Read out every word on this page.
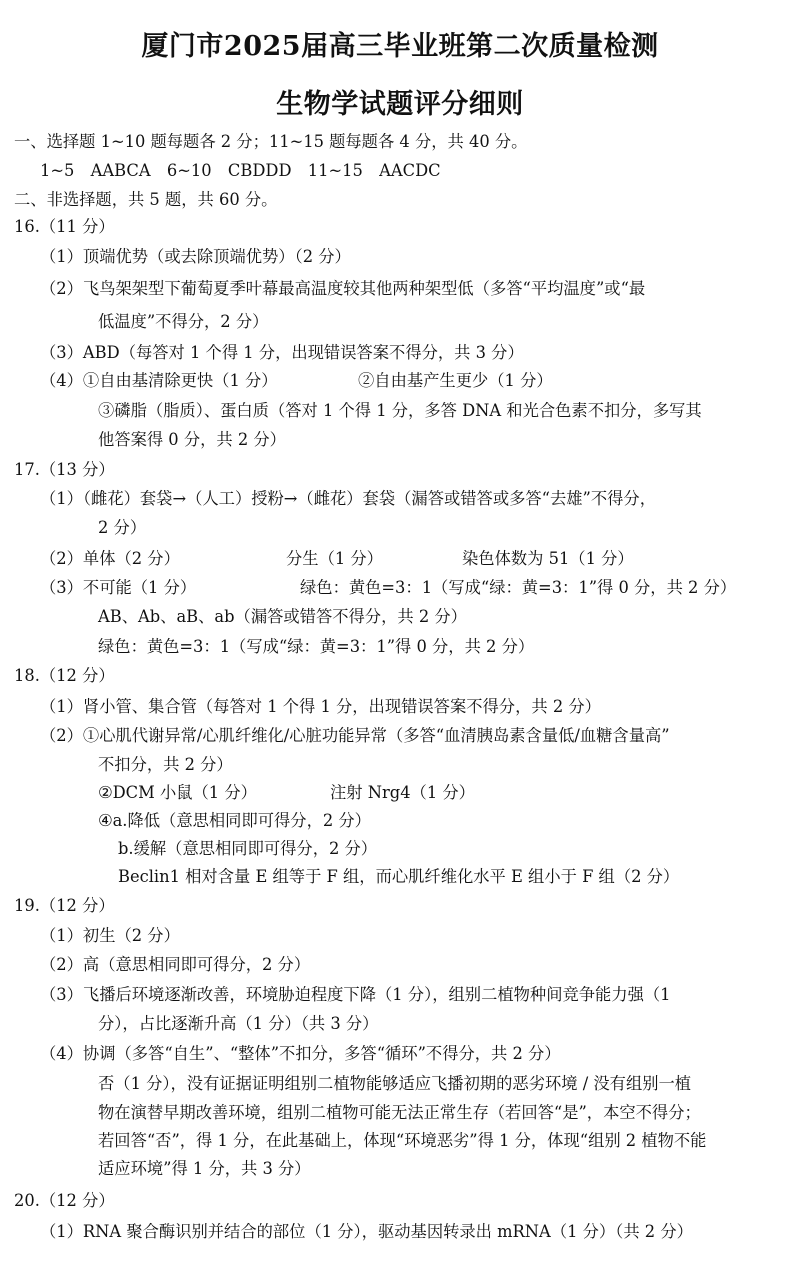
厦门市2025届高三毕业班第二次质量检测
生物学试题评分细则
一、选择题 1~10 题每题各 2 分；11~15 题每题各 4 分，共 40 分。
1~5　AABCA　6~10　CBDDD　11~15　AACDC
二、非选择题，共 5 题，共 60 分。
16.（11 分）
（1）顶端优势（或去除顶端优势）（2 分）
（2）飞鸟架架型下葡萄夏季叶幕最高温度较其他两种架型低（多答“平均温度”或“最
低温度”不得分，2 分）
（3）ABD（每答对 1 个得 1 分，出现错误答案不得分，共 3 分）
（4）①自由基清除更快（1 分）	②自由基产生更少（1 分）
③磷脂（脂质）、蛋白质（答对 1 个得 1 分，多答 DNA 和光合色素不扣分，多写其
他答案得 0 分，共 2 分）
17.（13 分）
（1）（雌花）套袋→（人工）授粉→（雌花）套袋（漏答或错答或多答“去雄”不得分，
2 分）
（2）单体（2 分）	分生（1 分）	染色体数为 51（1 分）
（3）不可能（1 分）	绿色：黄色=3：1（写成“绿：黄=3：1”得 0 分，共 2 分）
AB、Ab、aB、ab（漏答或错答不得分，共 2 分）
绿色：黄色=3：1（写成“绿：黄=3：1”得 0 分，共 2 分）
18.（12 分）
（1）肾小管、集合管（每答对 1 个得 1 分，出现错误答案不得分，共 2 分）
（2）①心肌代谢异常/心肌纤维化/心脏功能异常（多答“血清胰岛素含量低/血糖含量高”
不扣分，共 2 分）
②DCM 小鼠（1 分）	注射 Nrg4（1 分）
④a.降低（意思相同即可得分，2 分）
b.缓解（意思相同即可得分，2 分）
Beclin1 相对含量 E 组等于 F 组，而心肌纤维化水平 E 组小于 F 组（2 分）
19.（12 分）
（1）初生（2 分）
（2）高（意思相同即可得分，2 分）
（3）飞播后环境逐渐改善，环境胁迫程度下降（1 分），组别二植物种间竞争能力强（1
分），占比逐渐升高（1 分）（共 3 分）
（4）协调（多答“自生”、“整体”不扣分，多答“循环”不得分，共 2 分）
否（1 分），没有证据证明组别二植物能够适应飞播初期的恶劣环境 / 没有组别一植
物在演替早期改善环境，组别二植物可能无法正常生存（若回答“是”，本空不得分；
若回答“否”，得 1 分，在此基础上，体现“环境恶劣”得 1 分，体现“组别 2 植物不能
适应环境”得 1 分，共 3 分）
20.（12 分）
（1）RNA 聚合酶识别并结合的部位（1 分），驱动基因转录出 mRNA（1 分）（共 2 分）
